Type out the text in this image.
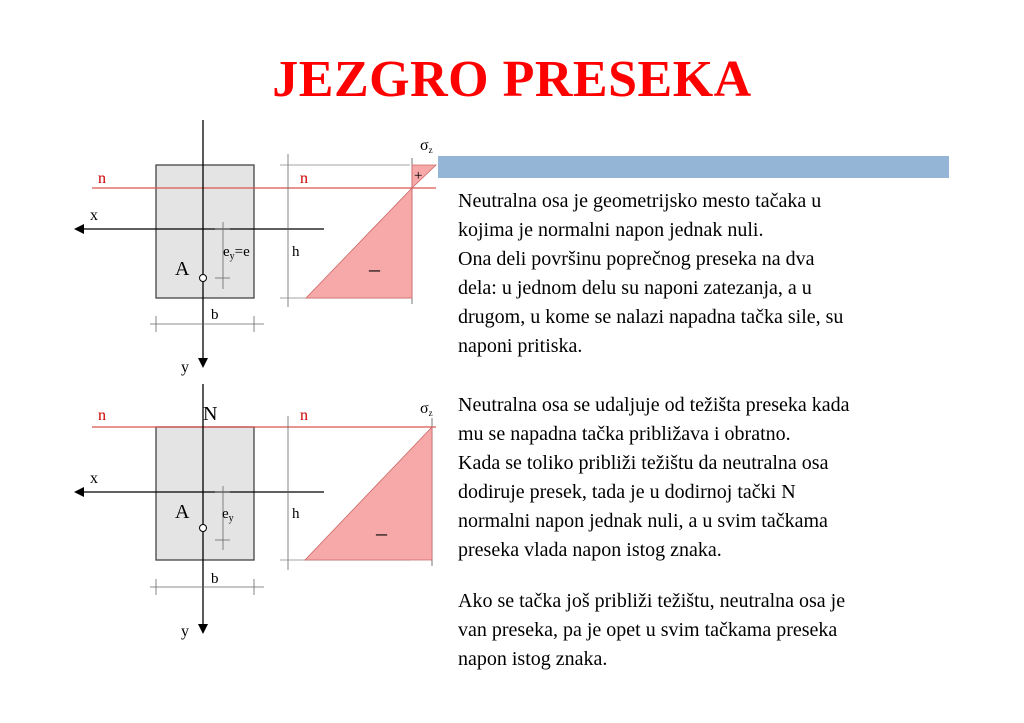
JEZGRO PRESEKA
n	n
x
y
A
$e_y=e$	h
b
σz
+
–
n	n
N
x
y
A $e_y$	h
b
σz
–
Neutralna osa je geometrijsko mesto tačaka u
kojima je normalni napon jednak nuli.
Ona deli površinu poprečnog preseka na dva
dela: u jednom delu su naponi zatezanja, a u
drugom, u kome se nalazi napadna tačka sile, su
naponi pritiska.
Neutralna osa se udaljuje od težišta preseka kada
mu se napadna tačka približava i obratno.
Kada se toliko približi težištu da neutralna osa
dodiruje presek, tada je u dodirnoj tački N
normalni napon jednak nuli, a u svim tačkama
preseka vlada napon istog znaka.
Ako se tačka još približi težištu, neutralna osa je
van preseka, pa je opet u svim tačkama preseka
napon istog znaka.
